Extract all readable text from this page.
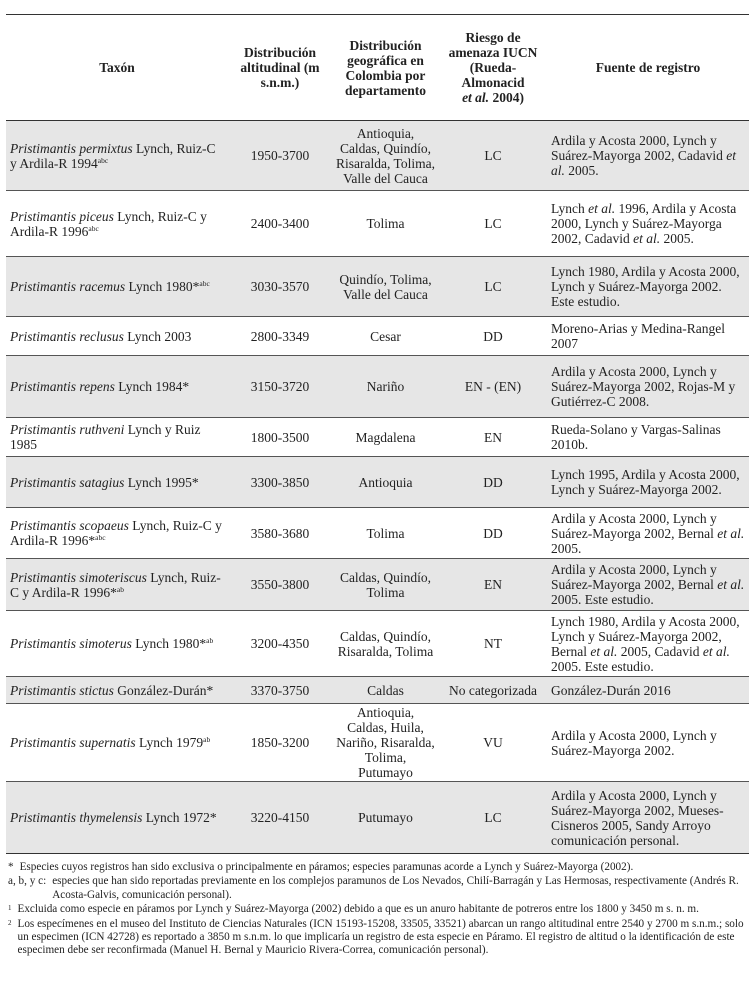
Taxón	Distribución altitudinal (m s.n.m.)	Distribución geográfica en Colombia por departamento	Riesgo de amenaza IUCN (Rueda-Almonacid
et al. 2004)	Fuente de registro
Pristimantis permixtus Lynch, Ruiz-C y Ardila-R $1994^{abc}$	1950-3700	Antioquia, Caldas, Quindío, Risaralda, Tolima, Valle del Cauca	LC	Ardila y Acosta 2000, Lynch y Suárez-Mayorga 2002, Cadavid et al. 2005.
Pristimantis piceus Lynch, Ruiz-C y Ardila-R $1996^{abc}$	2400-3400	Tolima	LC	Lynch et al. 1996, Ardila y Acosta 2000, Lynch y Suárez-Mayorga 2002, Cadavid et al. 2005.
Pristimantis racemus Lynch 1980*$^{abc}$	3030-3570	Quindío, Tolima, Valle del Cauca	LC	Lynch 1980, Ardila y Acosta 2000, Lynch y Suárez-Mayorga 2002. Este estudio.
Pristimantis reclusus Lynch 2003	2800-3349	Cesar	DD	Moreno-Arias y Medina-Rangel 2007
Pristimantis repens Lynch 1984*	3150-3720	Nariño	EN - (EN)	Ardila y Acosta 2000, Lynch y Suárez-Mayorga 2002, Rojas-M y Gutiérrez-C 2008.
Pristimantis ruthveni Lynch y Ruiz 1985	1800-3500	Magdalena	EN	Rueda-Solano y Vargas-Salinas 2010b.
Pristimantis satagius Lynch 1995*	3300-3850	Antioquia	DD	Lynch 1995, Ardila y Acosta 2000, Lynch y Suárez-Mayorga 2002.
Pristimantis scopaeus Lynch, Ruiz-C y Ardila-R 1996*$^{abc}$	3580-3680	Tolima	DD	Ardila y Acosta 2000, Lynch y Suárez-Mayorga 2002, Bernal et al. 2005.
Pristimantis simoteriscus Lynch, Ruiz-C y Ardila-R 1996*$^{ab}$	3550-3800	Caldas, Quindío, Tolima	EN	Ardila y Acosta 2000, Lynch y Suárez-Mayorga 2002, Bernal et al. 2005. Este estudio.
Pristimantis simoterus Lynch 1980*$^{ab}$	3200-4350	Caldas, Quindío, Risaralda, Tolima	NT	Lynch 1980, Ardila y Acosta 2000, Lynch y Suárez-Mayorga 2002, Bernal et al. 2005, Cadavid et al. 2005. Este estudio.
Pristimantis stictus González-Durán*	3370-3750	Caldas	No categorizada	González-Durán 2016
Pristimantis supernatis Lynch $1979^{ab}$	1850-3200	Antioquia, Caldas, Huila, Nariño, Risaralda, Tolima, Putumayo	VU	Ardila y Acosta 2000, Lynch y Suárez-Mayorga 2002.
Pristimantis thymelensis Lynch 1972*	3220-4150	Putumayo	LC	Ardila y Acosta 2000, Lynch y Suárez-Mayorga 2002, Mueses-Cisneros 2005, Sandy Arroyo comunicación personal.
* Especies cuyos registros han sido exclusiva o principalmente en páramos; especies paramunas acorde a Lynch y Suárez-Mayorga (2002).
a, b, y c: especies que han sido reportadas previamente en los complejos paramunos de Los Nevados, Chilí-Barragán y Las Hermosas, respectivamente (Andrés R. Acosta-Galvis, comunicación personal).
1 Excluida como especie en páramos por Lynch y Suárez-Mayorga (2002) debido a que es un anuro habitante de potreros entre los 1800 y 3450 m s. n. m.
2 Los especímenes en el museo del Instituto de Ciencias Naturales (ICN 15193-15208, 33505, 33521) abarcan un rango altitudinal entre 2540 y 2700 m s.n.m.; solo un especimen (ICN 42728) es reportado a 3850 m s.n.m. lo que implicaría un registro de esta especie en Páramo. El registro de altitud o la identificación de este especimen debe ser reconfirmada (Manuel H. Bernal y Mauricio Rivera-Correa, comunicación personal).
